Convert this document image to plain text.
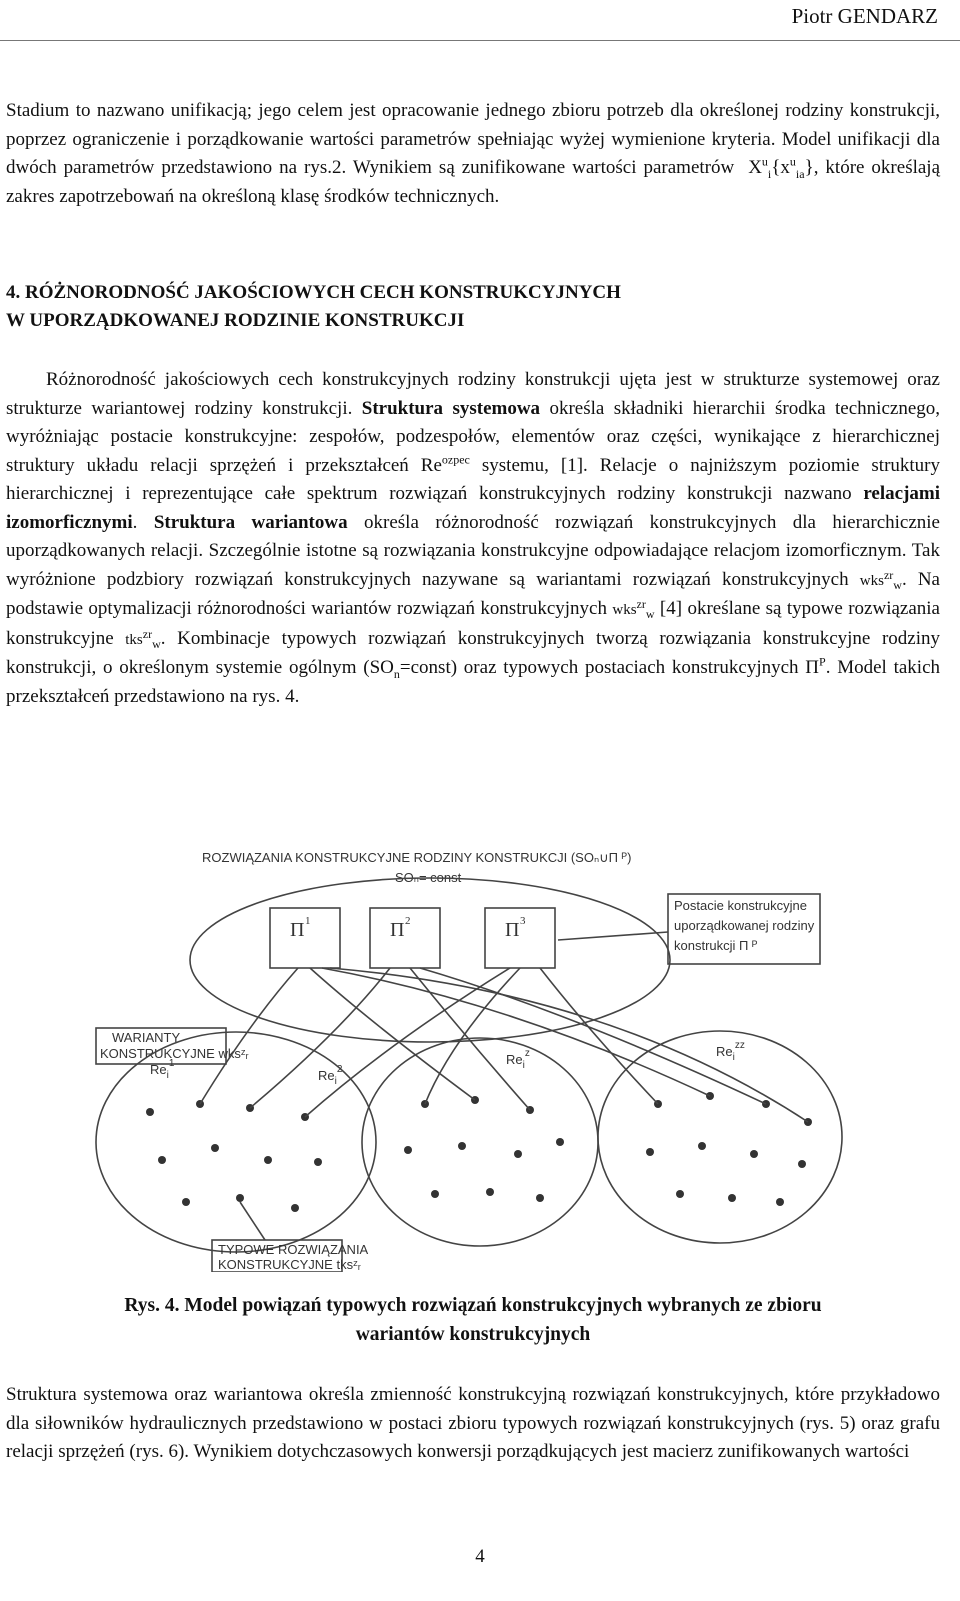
Piotr GENDARZ
Stadium to nazwano unifikacją; jego celem jest opracowanie jednego zbioru potrzeb dla określonej rodziny konstrukcji, poprzez ograniczenie i porządkowanie wartości parametrów spełniając wyżej wymienione kryteria. Model unifikacji dla dwóch parametrów przedstawiono na rys.2. Wynikiem są zunifikowane wartości parametrów $X^u_i\{x^u_{ia}\}$, które określają zakres zapotrzebowań na określoną klasę środków technicznych.
4. RÓŻNORODNOŚĆ JAKOŚCIOWYCH CECH KONSTRUKCYJNYCH
W UPORZĄDKOWANEJ RODZINIE KONSTRUKCJI
Różnorodność jakościowych cech konstrukcyjnych rodziny konstrukcji ujęta jest w strukturze systemowej oraz strukturze wariantowej rodziny konstrukcji. Struktura systemowa określa składniki hierarchii środka technicznego, wyróżniając postacie konstrukcyjne: zespołów, podzespołów, elementów oraz części, wynikające z hierarchicznej struktury układu relacji sprzężeń i przekształceń $Re^{ozpec}$ systemu, [1]. Relacje o najniższym poziomie struktury hierarchicznej i reprezentujące całe spektrum rozwiązań konstrukcyjnych rodziny konstrukcji nazwano relacjami izomorficznymi. Struktura wariantowa określa różnorodność rozwiązań konstrukcyjnych dla hierarchicznie uporządkowanych relacji. Szczególnie istotne są rozwiązania konstrukcyjne odpowiadające relacjom izomorficznym. Tak wyróżnione podzbiory rozwiązań konstrukcyjnych nazywane są wariantami rozwiązań konstrukcyjnych wks$^{zr}_w$. Na podstawie optymalizacji różnorodności wariantów rozwiązań konstrukcyjnych wks$^{zr}_w$ [4] określane są typowe rozwiązania konstrukcyjne tks$^{zr}_w$. Kombinacje typowych rozwiązań konstrukcyjnych tworzą rozwiązania konstrukcyjne rodziny konstrukcji, o określonym systemie ogólnym $(SO_n=const)$ oraz typowych postaciach konstrukcyjnych $\Pi^P$. Model takich przekształceń przedstawiono na rys. 4.
ROZWIĄZANIA KONSTRUKCYJNE RODZINY KONSTRUKCJI (SOₙ∪Π ᴾ)
SOₙ= const
Π 1	Π 2	Π 3
Postacie konstrukcyjne
uporządkowanej rodziny
konstrukcji Π ᴾ
WARIANTY
KONSTRUKCYJNE wksᶻᵣ
$Re_i^1$
$Re_i^2$
$Re_i^z$	$Re_i^{zz}$
TYPOWE ROZWIĄZANIA
KONSTRUKCYJNE tksᶻᵣ
Rys. 4. Model powiązań typowych rozwiązań konstrukcyjnych wybranych ze zbioru
wariantów konstrukcyjnych
Struktura systemowa oraz wariantowa określa zmienność konstrukcyjną rozwiązań konstrukcyjnych, które przykładowo dla siłowników hydraulicznych przedstawiono w postaci zbioru typowych rozwiązań konstrukcyjnych (rys. 5) oraz grafu relacji sprzężeń (rys. 6). Wynikiem dotychczasowych konwersji porządkujących jest macierz zunifikowanych wartości
4
